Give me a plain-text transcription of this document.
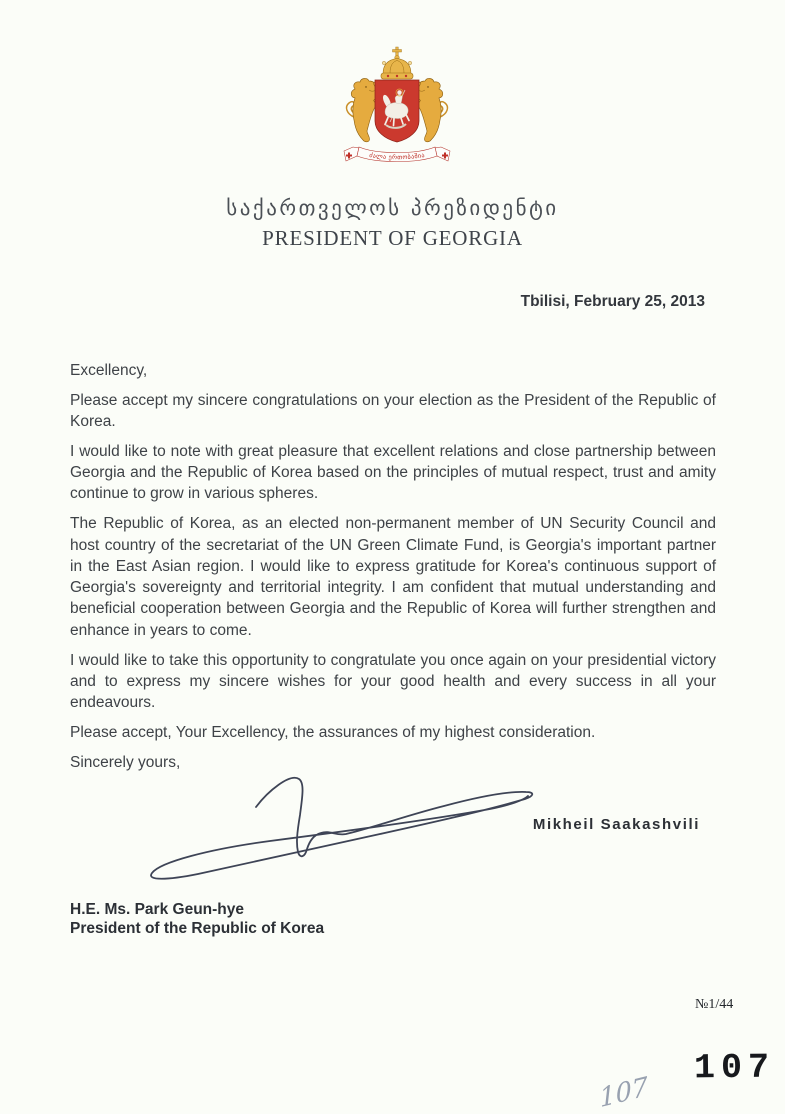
ძალა ერთობაშია
საქართველოს პრეზიდენტი
PRESIDENT OF GEORGIA
Tbilisi, February 25, 2013

Excellency,

Please accept my sincere congratulations on your election as the President of the Republic of Korea.

I would like to note with great pleasure that excellent relations and close partnership between Georgia and the Republic of Korea based on the principles of mutual respect, trust and amity continue to grow in various spheres.

The Republic of Korea, as an elected non-permanent member of UN Security Council and host country of the secretariat of the UN Green Climate Fund, is Georgia's important partner in the East Asian region. I would like to express gratitude for Korea's continuous support of Georgia's sovereignty and territorial integrity. I am confident that mutual understanding and beneficial cooperation between Georgia and the Republic of Korea will further strengthen and enhance in years to come.

I would like to take this opportunity to congratulate you once again on your presidential victory and to express my sincere wishes for your good health and every success in all your endeavours.

Please accept, Your Excellency, the assurances of my highest consideration.

Sincerely yours,

Mikheil Saakashvili
H.E. Ms. Park Geun-hye
President of the Republic of Korea
№1/44
107
107
